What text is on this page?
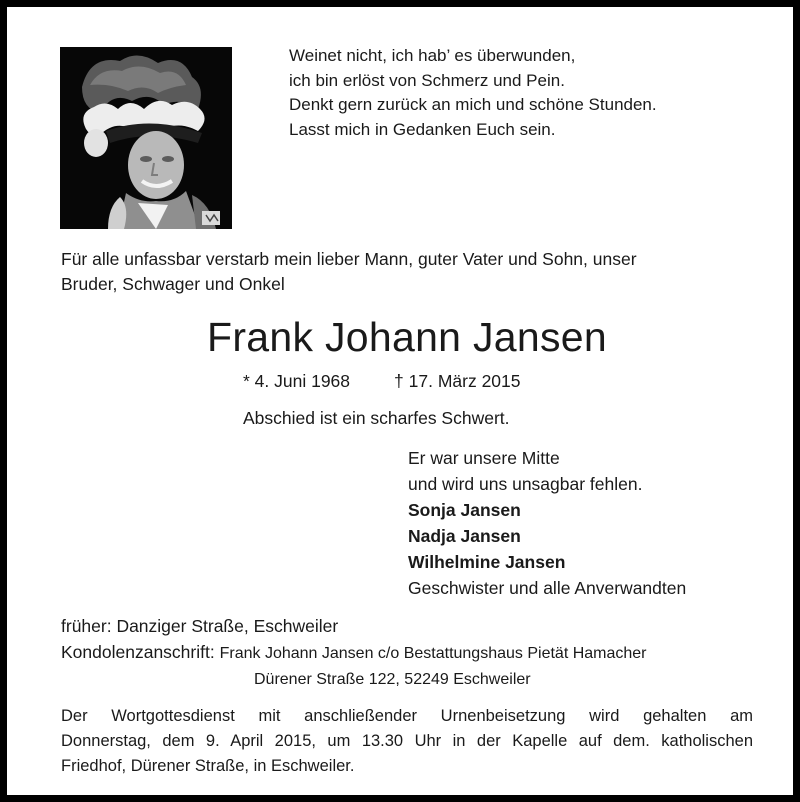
Weinet nicht, ich hab’ es überwunden,
ich bin erlöst von Schmerz und Pein.
Denkt gern zurück an mich und schöne Stunden.
Lasst mich in Gedanken Euch sein.
Für alle unfassbar verstarb mein lieber Mann, guter Vater und Sohn, unser
Bruder, Schwager und Onkel
Frank Johann Jansen
* 4. Juni 1968	† 17. März 2015
Abschied ist ein scharfes Schwert.
Er war unsere Mitte
und wird uns unsagbar fehlen.
Sonja Jansen
Nadja Jansen
Wilhelmine Jansen
Geschwister und alle Anverwandten
früher: Danziger Straße, Eschweiler
Kondolenzanschrift: Frank Johann Jansen c/o Bestattungshaus Pietät Hamacher
Dürener Straße 122, 52249 Eschweiler
Der Wortgottesdienst mit anschließender Urnenbeisetzung wird gehalten am
Donnerstag, dem 9. April 2015, um 13.30 Uhr in der Kapelle auf dem. katholischen
Friedhof, Dürener Straße, in Eschweiler.
